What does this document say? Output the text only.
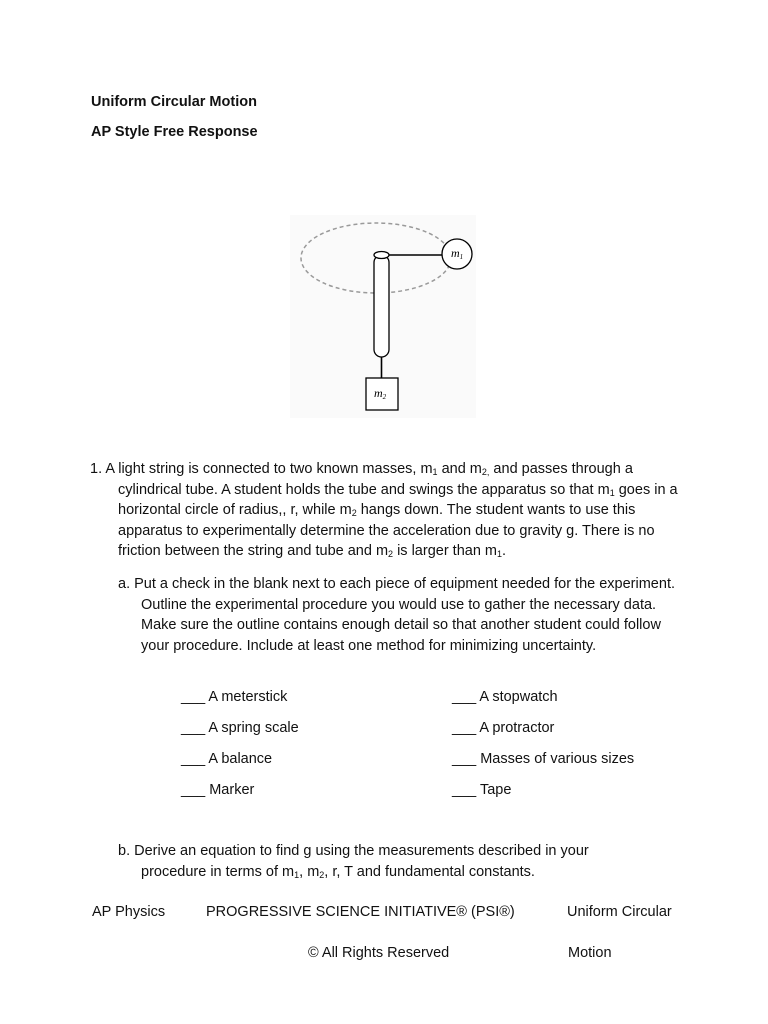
Uniform Circular Motion
AP Style Free Response
m1
m2
1. A light string is connected to two known masses, $m_1$ and $m_{2,}$ and passes through a cylindrical tube. A student holds the tube and swings the apparatus so that $m_1$ goes in a horizontal circle of radius,, r, while $m_2$ hangs down. The student wants to use this apparatus to experimentally determine the acceleration due to gravity g. There is no friction between the string and tube and $m_2$ is larger than $m_1$.
a. Put a check in the blank next to each piece of equipment needed for the experiment. Outline the experimental procedure you would use to gather the necessary data. Make sure the outline contains enough detail so that another student could follow your procedure. Include at least one method for minimizing uncertainty.
___ A meterstick
___ A spring scale
___ A balance
___ Marker
___ A stopwatch
___ A protractor
___ Masses of various sizes
___ Tape
b. Derive an equation to find g using the measurements described in your procedure in terms of $m_1$, $m_2$, r, T and fundamental constants.
AP Physics	PROGRESSIVE SCIENCE INITIATIVE® (PSI®)	Uniform Circular
© All Rights Reserved	Motion
